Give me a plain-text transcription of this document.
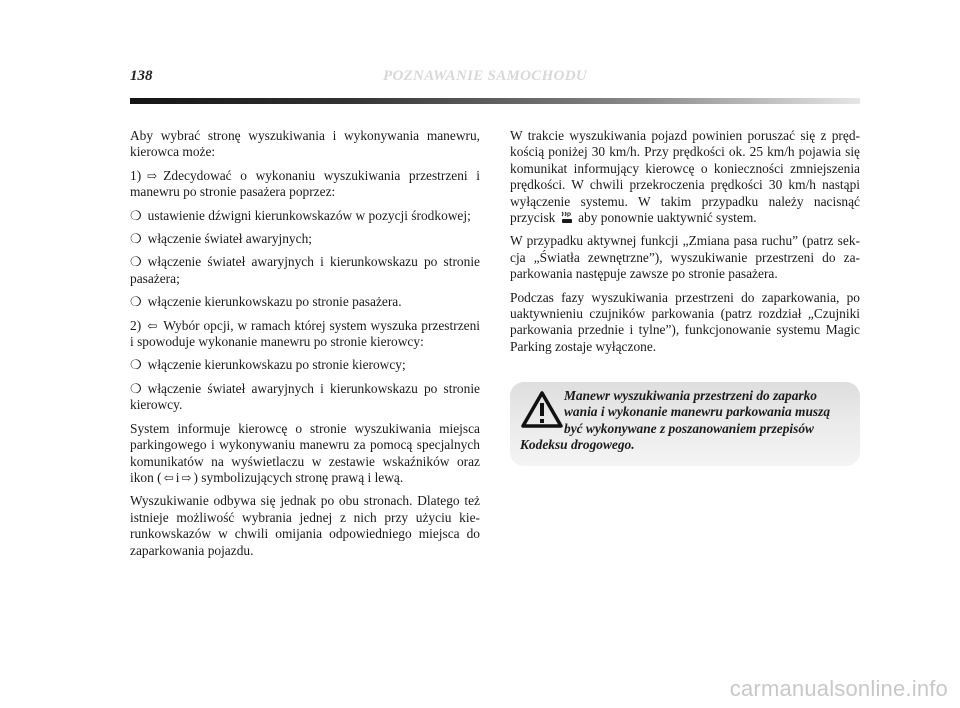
138	POZNAWANIE SAMOCHODU

Aby wybrać stronę wyszukiwania i wykonywania manewru, kierowca może:

1) ⇨ Zdecydować o wykonaniu wyszukiwania przestrzeni i manewru po stronie pasażera poprzez:

❍ ustawienie dźwigni kierunkowskazów w pozycji środkowej;

❍ włączenie świateł awaryjnych;

❍ włączenie świateł awaryjnych i kierunkowskazu po stronie pasażera;

❍ włączenie kierunkowskazu po stronie pasażera.

2) ⇦ Wybór opcji, w ramach której system wyszuka przestrzeni i spowoduje wykonanie manewru po stronie kierowcy:

❍ włączenie kierunkowskazu po stronie kierowcy;

❍ włączenie świateł awaryjnych i kierunkowskazu po stronie kierowcy.

System informuje kierowcę o stronie wyszukiwania miejsca parkingowego i wykonywaniu manewru za pomocą specjalnych komunikatów na wyświetlaczu w zestawie wskaźników oraz ikon ( ⇦ i ⇨ ) symbolizujących stronę prawą i lewą.

Wyszukiwanie odbywa się jednak po obu stronach. Dlatego też istnieje możliwość wybrania jednej z nich przy użyciu kierunkowskazów w chwili omijania odpowiedniego miejsca do zaparkowania pojazdu.

W trakcie wyszukiwania pojazd powinien poruszać się z prędkością poniżej 30 km/h. Przy prędkości ok. 25 km/h pojawia się komunikat informujący kierowcę o konieczności zmniejszenia prędkości. W chwili przekroczenia prędkości 30 km/h nastąpi wyłączenie systemu. W takim przypadku należy nacisnąć przycisk P aby ponownie uaktywnić system.

W przypadku aktywnej funkcji „Zmiana pasa ruchu” (patrz sekcja „Światła zewnętrzne”), wyszukiwanie przestrzeni do zaparkowania następuje zawsze po stronie pasażera.

Podczas fazy wyszukiwania przestrzeni do zaparkowania, po uaktywnieniu czujników parkowania (patrz rozdział „Czujniki parkowania przednie i tylne”), funkcjonowanie systemu Magic Parking zostaje wyłączone.

Manewr wyszukiwania przestrzeni do zaparko
wania i wykonanie manewru parkowania muszą
być wykonywane z poszanowaniem przepisów
Kodeksu drogowego.
carmanualsonline.info
